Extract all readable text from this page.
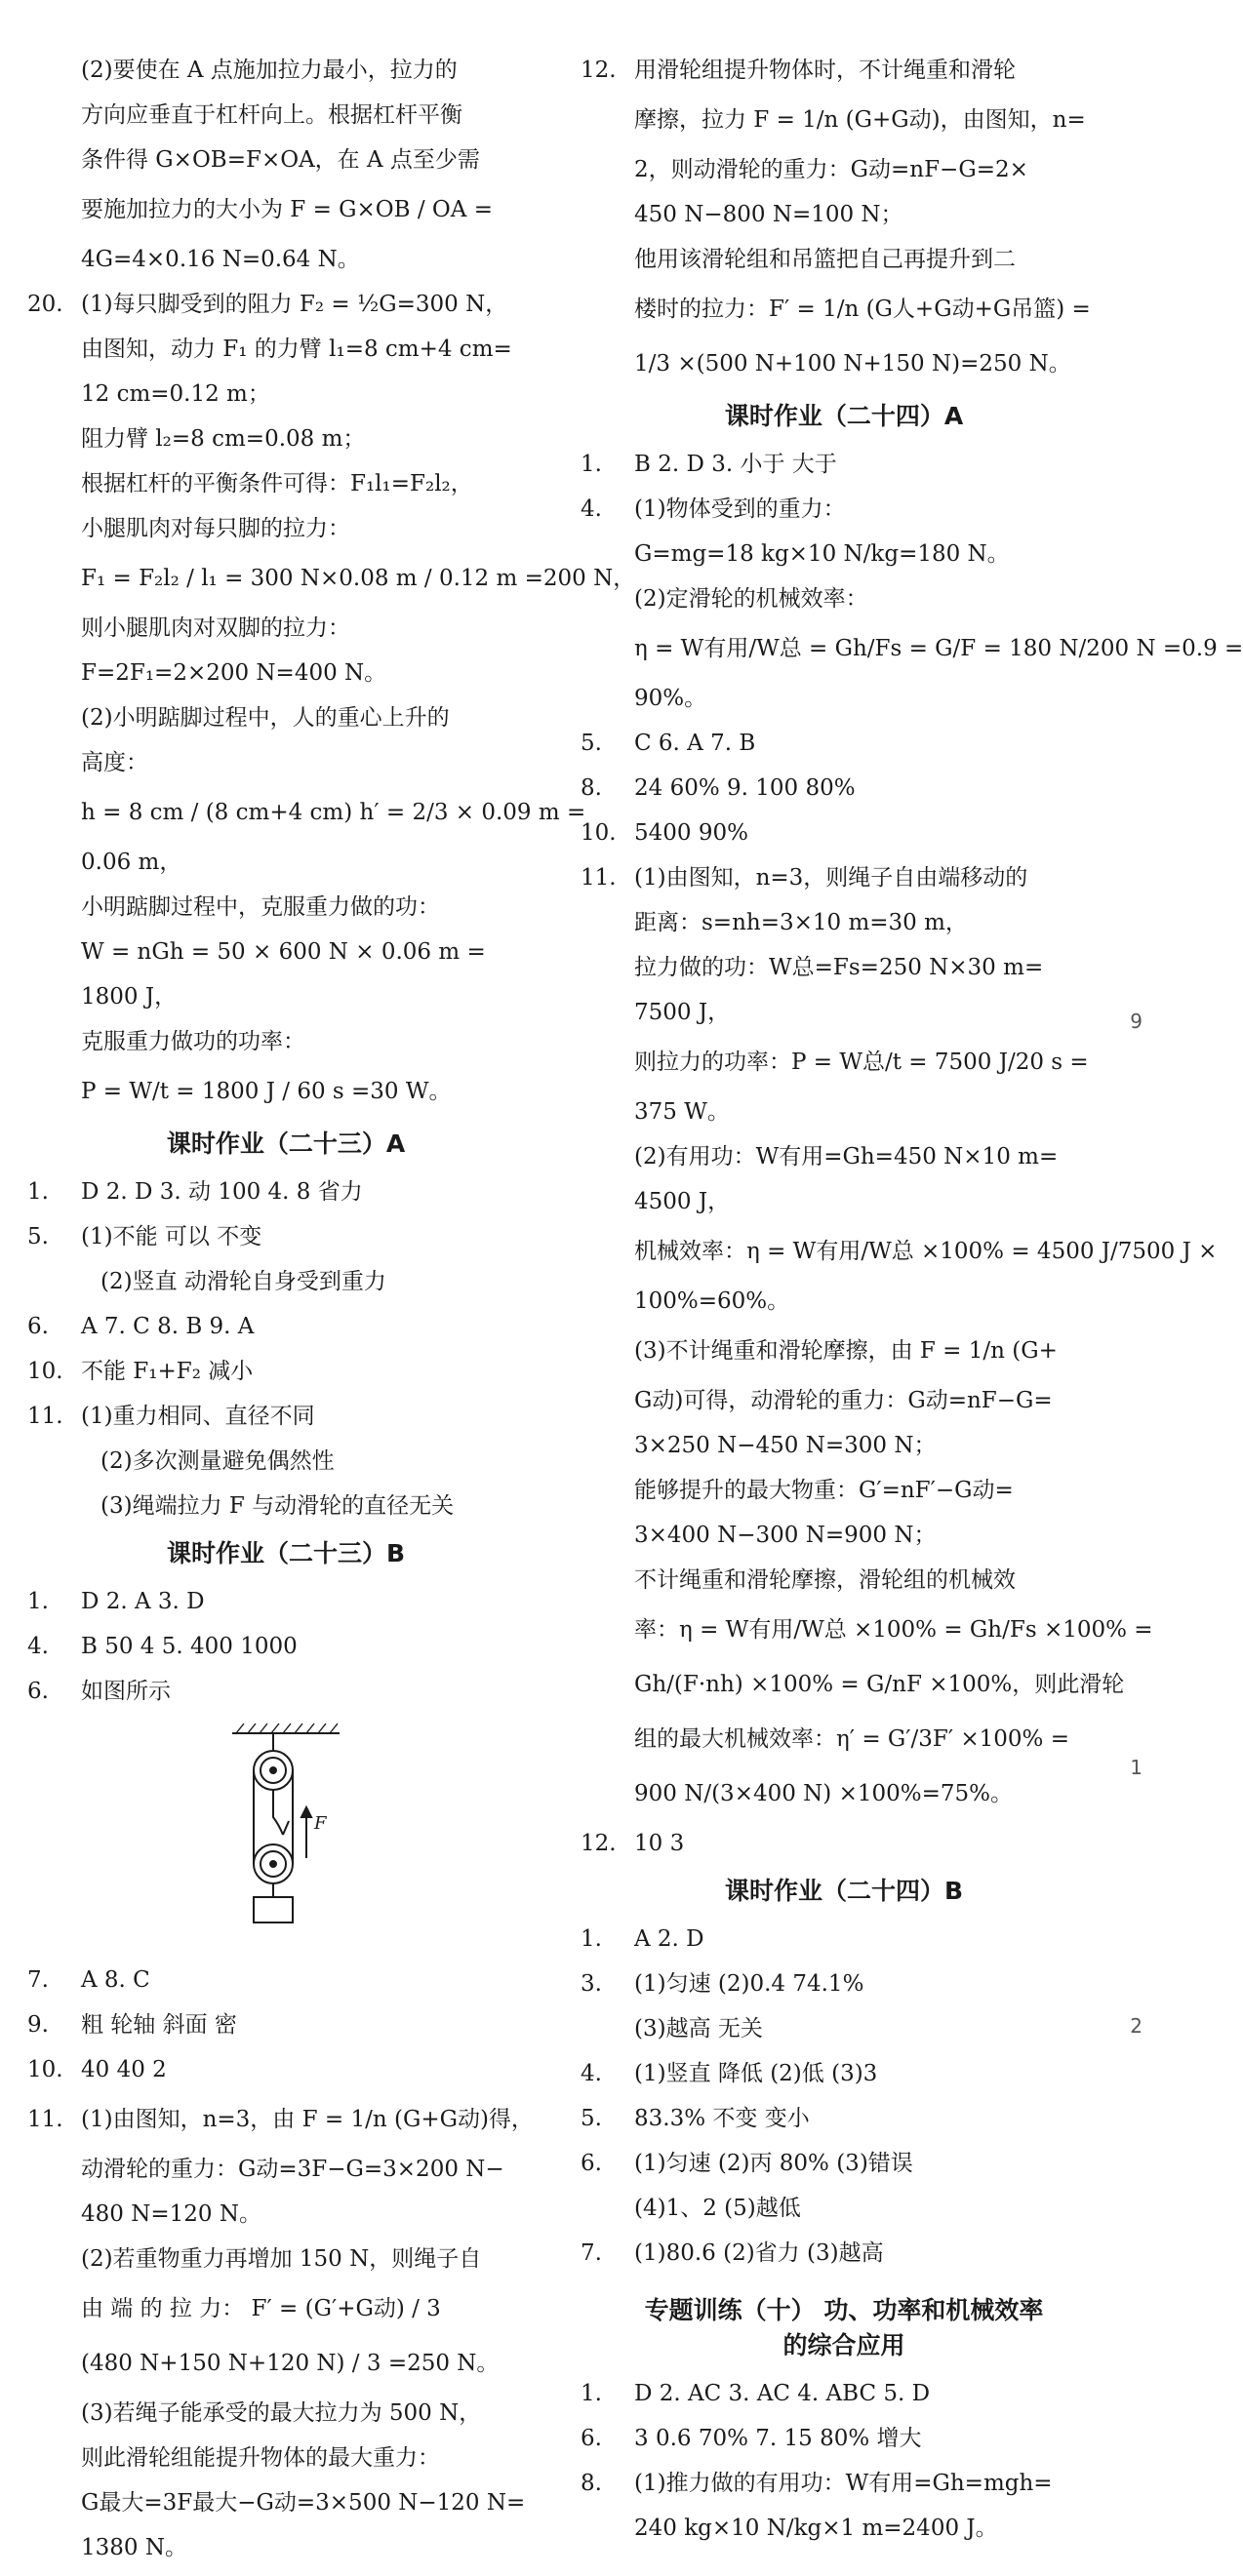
(2)要使在 A 点施加拉力最小，拉力的
方向应垂直于杠杆向上。根据杠杆平衡
条件得 G×OB=F×OA，在 A 点至少需
要施加拉力的大小为 F = G×OB / OA =
4G=4×0.16 N=0.64 N。
20. (1)每只脚受到的阻力 F₂ = ½G=300 N，
由图知，动力 F₁ 的力臂 l₁=8 cm+4 cm=
12 cm=0.12 m；
阻力臂 l₂=8 cm=0.08 m；
根据杠杆的平衡条件可得：F₁l₁=F₂l₂，
小腿肌肉对每只脚的拉力：
F₁ = F₂l₂ / l₁ = 300 N×0.08 m / 0.12 m =200 N，
则小腿肌肉对双脚的拉力：
F=2F₁=2×200 N=400 N。
(2)小明踮脚过程中，人的重心上升的
高度：
h = 8 cm / (8 cm+4 cm) h′ = 2/3 × 0.09 m =
0.06 m，
小明踮脚过程中，克服重力做的功：
W = nGh = 50 × 600 N × 0.06 m =
1800 J，
克服重力做功的功率：
P = W/t = 1800 J / 60 s =30 W。
课时作业（二十三）A
1. D 2. D 3. 动 100 4. 8 省力
5. (1)不能 可以 不变
(2)竖直 动滑轮自身受到重力
6. A 7. C 8. B 9. A
10. 不能 F₁+F₂ 减小
11. (1)重力相同、直径不同
(2)多次测量避免偶然性
(3)绳端拉力 F 与动滑轮的直径无关
课时作业（二十三）B
1. D 2. A 3. D
4. B 50 4 5. 400 1000
6. 如图所示
F
7. A 8. C
9. 粗 轮轴 斜面 密
10. 40 40 2
11. (1)由图知，n=3，由 F = 1/n (G+G动)得，
动滑轮的重力：G动=3F−G=3×200 N−
480 N=120 N。
(2)若重物重力再增加 150 N，则绳子自
由 端 的 拉 力： F′ = (G′+G动) / 3
(480 N+150 N+120 N) / 3 =250 N。
(3)若绳子能承受的最大拉力为 500 N，
则此滑轮组能提升物体的最大重力：
G最大=3F最大−G动=3×500 N−120 N=
1380 N。
12. 用滑轮组提升物体时，不计绳重和滑轮
摩擦，拉力 F = 1/n (G+G动)，由图知，n=
2，则动滑轮的重力：G动=nF−G=2×
450 N−800 N=100 N；
他用该滑轮组和吊篮把自己再提升到二
楼时的拉力：F′ = 1/n (G人+G动+G吊篮) =
1/3 ×(500 N+100 N+150 N)=250 N。
课时作业（二十四）A
1. B 2. D 3. 小于 大于
4. (1)物体受到的重力：
G=mg=18 kg×10 N/kg=180 N。
(2)定滑轮的机械效率：
η = W有用/W总 = Gh/Fs = G/F = 180 N/200 N =0.9 =
90%。
5. C 6. A 7. B
8. 24 60% 9. 100 80%
10. 5400 90%
11. (1)由图知，n=3，则绳子自由端移动的
距离：s=nh=3×10 m=30 m，
拉力做的功：W总=Fs=250 N×30 m=
7500 J，
则拉力的功率：P = W总/t = 7500 J/20 s =
375 W。
(2)有用功：W有用=Gh=450 N×10 m=
4500 J，
机械效率：η = W有用/W总 ×100% = 4500 J/7500 J ×
100%=60%。
(3)不计绳重和滑轮摩擦，由 F = 1/n (G+
G动)可得，动滑轮的重力：G动=nF−G=
3×250 N−450 N=300 N；
能够提升的最大物重：G′=nF′−G动=
3×400 N−300 N=900 N；
不计绳重和滑轮摩擦，滑轮组的机械效
率：η = W有用/W总 ×100% = Gh/Fs ×100% =
Gh/(F·nh) ×100% = G/nF ×100%，则此滑轮
组的最大机械效率：η′ = G′/3F′ ×100% =
900 N/(3×400 N) ×100%=75%。
12. 10 3
课时作业（二十四）B
1. A 2. D
3. (1)匀速 (2)0.4 74.1%
(3)越高 无关
4. (1)竖直 降低 (2)低 (3)3
5. 83.3% 不变 变小
6. (1)匀速 (2)丙 80% (3)错误
(4)1、2 (5)越低
7. (1)80.6 (2)省力 (3)越高
专题训练（十） 功、功率和机械效率
的综合应用
1. D 2. AC 3. AC 4. ABC 5. D
6. 3 0.6 70% 7. 15 80% 增大
8. (1)推力做的有用功：W有用=Gh=mgh=
240 kg×10 N/kg×1 m=2400 J。
9
1
2
